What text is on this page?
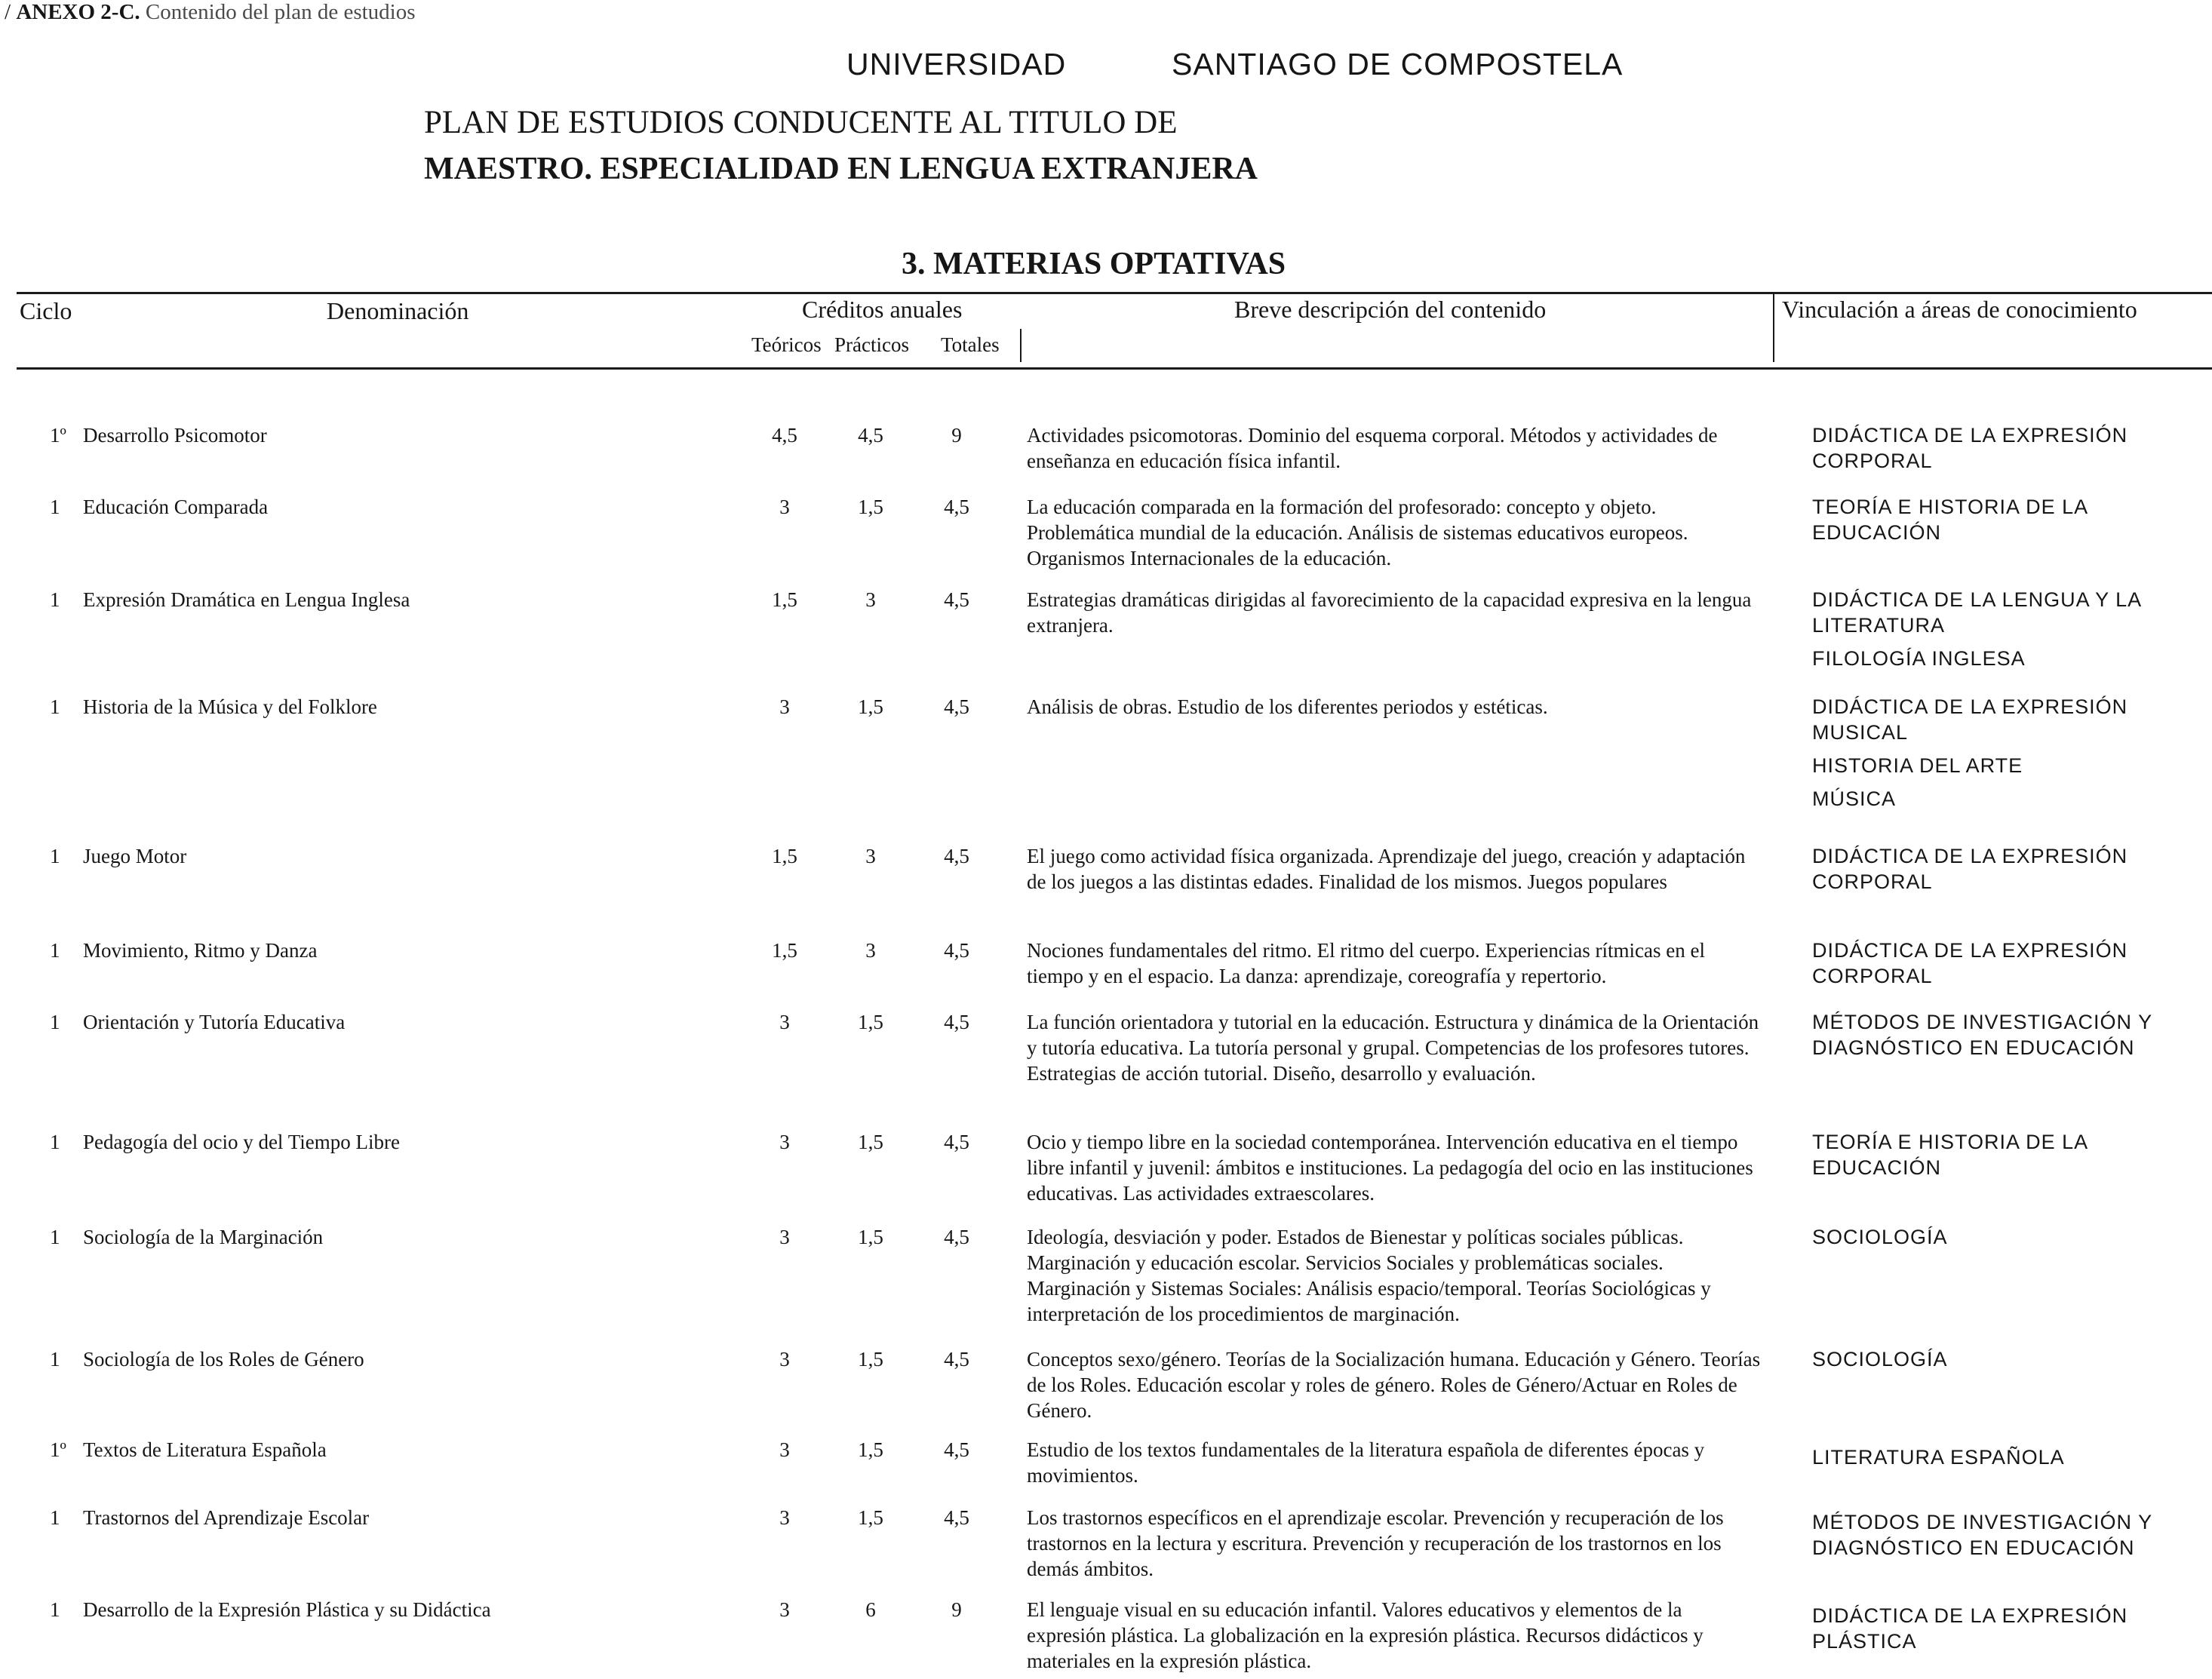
/ ANEXO 2-C. Contenido del plan de estudios
UNIVERSIDAD	SANTIAGO DE COMPOSTELA
PLAN DE ESTUDIOS CONDUCENTE AL TITULO DE
MAESTRO. ESPECIALIDAD EN LENGUA EXTRANJERA
3. MATERIAS OPTATIVAS
Ciclo	Denominación	Créditos anuales
Teóricos Prácticos Totales
Breve descripción del contenido	Vinculación a áreas de conocimiento
1º Desarrollo Psicomotor	4,5	4,5	9	Actividades psicomotoras. Dominio del esquema corporal. Métodos y actividades de enseñanza en educación física infantil.
DIDÁCTICA DE LA EXPRESIÓN CORPORAL
1	Educación Comparada	3	1,5	4,5	La educación comparada en la formación del profesorado: concepto y objeto. Problemática mundial de la educación. Análisis de sistemas educativos europeos. Organismos Internacionales de la educación.
TEORÍA E HISTORIA DE LA EDUCACIÓN
1	Expresión Dramática en Lengua Inglesa	1,5	3	4,5	Estrategias dramáticas dirigidas al favorecimiento de la capacidad expresiva en la lengua extranjera.
DIDÁCTICA DE LA LENGUA Y LA LITERATURA
FILOLOGÍA INGLESA
1	Historia de la Música y del Folklore	3	1,5	4,5	Análisis de obras. Estudio de los diferentes periodos y estéticas.	DIDÁCTICA DE LA EXPRESIÓN MUSICAL
HISTORIA DEL ARTE
MÚSICA
1	Juego Motor	1,5	3	4,5	El juego como actividad física organizada. Aprendizaje del juego, creación y adaptación de los juegos a las distintas edades. Finalidad de los mismos. Juegos populares
DIDÁCTICA DE LA EXPRESIÓN CORPORAL
1	Movimiento, Ritmo y Danza	1,5	3	4,5	Nociones fundamentales del ritmo. El ritmo del cuerpo. Experiencias rítmicas en el tiempo y en el espacio. La danza: aprendizaje, coreografía y repertorio.
DIDÁCTICA DE LA EXPRESIÓN CORPORAL
1	Orientación y Tutoría Educativa	3	1,5	4,5	La función orientadora y tutorial en la educación. Estructura y dinámica de la Orientación y tutoría educativa. La tutoría personal y grupal. Competencias de los profesores tutores. Estrategias de acción tutorial. Diseño, desarrollo y evaluación.
MÉTODOS DE INVESTIGACIÓN Y DIAGNÓSTICO EN EDUCACIÓN
1	Pedagogía del ocio y del Tiempo Libre	3	1,5	4,5	Ocio y tiempo libre en la sociedad contemporánea. Intervención educativa en el tiempo libre infantil y juvenil: ámbitos e instituciones. La pedagogía del ocio en las instituciones educativas. Las actividades extraescolares.
TEORÍA E HISTORIA DE LA EDUCACIÓN
1	Sociología de la Marginación	3	1,5	4,5	Ideología, desviación y poder. Estados de Bienestar y políticas sociales públicas. Marginación y educación escolar. Servicios Sociales y problemáticas sociales. Marginación y Sistemas Sociales: Análisis espacio/temporal. Teorías Sociológicas y interpretación de los procedimientos de marginación.
SOCIOLOGÍA
1	Sociología de los Roles de Género	3	1,5	4,5	Conceptos sexo/género. Teorías de la Socialización humana. Educación y Género. Teorías de los Roles. Educación escolar y roles de género. Roles de Género/Actuar en Roles de Género.
SOCIOLOGÍA
1º Textos de Literatura Española	3	1,5	4,5	Estudio de los textos fundamentales de la literatura española de diferentes épocas y movimientos.
LITERATURA ESPAÑOLA
1	Trastornos del Aprendizaje Escolar	3	1,5	4,5	Los trastornos específicos en el aprendizaje escolar. Prevención y recuperación de los trastornos en la lectura y escritura. Prevención y recuperación de los trastornos en los demás ámbitos.
MÉTODOS DE INVESTIGACIÓN Y DIAGNÓSTICO EN EDUCACIÓN
1	Desarrollo de la Expresión Plástica y su Didáctica	3	6	9	El lenguaje visual en su educación infantil. Valores educativos y elementos de la expresión plástica. La globalización en la expresión plástica. Recursos didácticos y materiales en la expresión plástica.
DIDÁCTICA DE LA EXPRESIÓN PLÁSTICA
